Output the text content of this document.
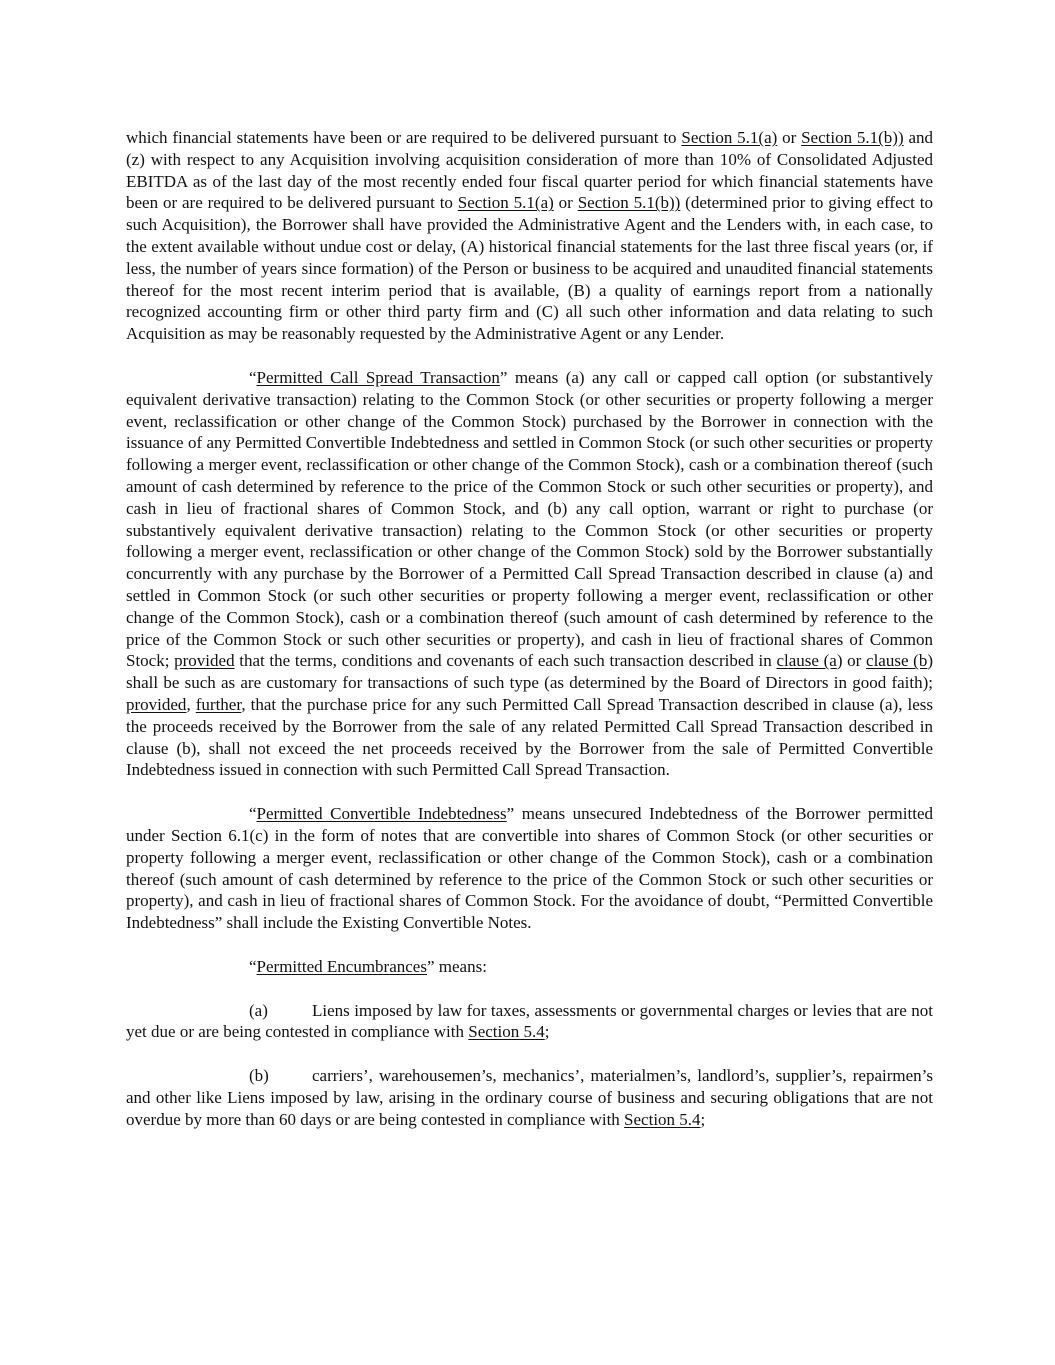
which financial statements have been or are required to be delivered pursuant to Section 5.1(a) or Section 5.1(b)) and (z) with respect to any Acquisition involving acquisition consideration of more than 10% of Consolidated Adjusted EBITDA as of the last day of the most recently ended four fiscal quarter period for which financial statements have been or are required to be delivered pursuant to Section 5.1(a) or Section 5.1(b)) (determined prior to giving effect to such Acquisition), the Borrower shall have provided the Administrative Agent and the Lenders with, in each case, to the extent available without undue cost or delay, (A) historical financial statements for the last three fiscal years (or, if less, the number of years since formation) of the Person or business to be acquired and unaudited financial statements thereof for the most recent interim period that is available, (B) a quality of earnings report from a nationally recognized accounting firm or other third party firm and (C) all such other information and data relating to such Acquisition as may be reasonably requested by the Administrative Agent or any Lender.

“Permitted Call Spread Transaction” means (a) any call or capped call option (or substantively equivalent derivative transaction) relating to the Common Stock (or other securities or property following a merger event, reclassification or other change of the Common Stock) purchased by the Borrower in connection with the issuance of any Permitted Convertible Indebtedness and settled in Common Stock (or such other securities or property following a merger event, reclassification or other change of the Common Stock), cash or a combination thereof (such amount of cash determined by reference to the price of the Common Stock or such other securities or property), and cash in lieu of fractional shares of Common Stock, and (b) any call option, warrant or right to purchase (or substantively equivalent derivative transaction) relating to the Common Stock (or other securities or property following a merger event, reclassification or other change of the Common Stock) sold by the Borrower substantially concurrently with any purchase by the Borrower of a Permitted Call Spread Transaction described in clause (a) and settled in Common Stock (or such other securities or property following a merger event, reclassification or other change of the Common Stock), cash or a combination thereof (such amount of cash determined by reference to the price of the Common Stock or such other securities or property), and cash in lieu of fractional shares of Common Stock; provided that the terms, conditions and covenants of each such transaction described in clause (a) or clause (b) shall be such as are customary for transactions of such type (as determined by the Board of Directors in good faith); provided, further, that the purchase price for any such Permitted Call Spread Transaction described in clause (a), less the proceeds received by the Borrower from the sale of any related Permitted Call Spread Transaction described in clause (b), shall not exceed the net proceeds received by the Borrower from the sale of Permitted Convertible Indebtedness issued in connection with such Permitted Call Spread Transaction.

“Permitted Convertible Indebtedness” means unsecured Indebtedness of the Borrower permitted under Section 6.1(c) in the form of notes that are convertible into shares of Common Stock (or other securities or property following a merger event, reclassification or other change of the Common Stock), cash or a combination thereof (such amount of cash determined by reference to the price of the Common Stock or such other securities or property), and cash in lieu of fractional shares of Common Stock. For the avoidance of doubt, “Permitted Convertible Indebtedness” shall include the Existing Convertible Notes.

“Permitted Encumbrances” means:

(a)	Liens imposed by law for taxes, assessments or governmental charges or levies that are not yet due or are being contested in compliance with Section 5.4;

(b)	carriers’, warehousemen’s, mechanics’, materialmen’s, landlord’s, supplier’s, repairmen’s and other like Liens imposed by law, arising in the ordinary course of business and securing obligations that are not overdue by more than 60 days or are being contested in compliance with Section 5.4;
